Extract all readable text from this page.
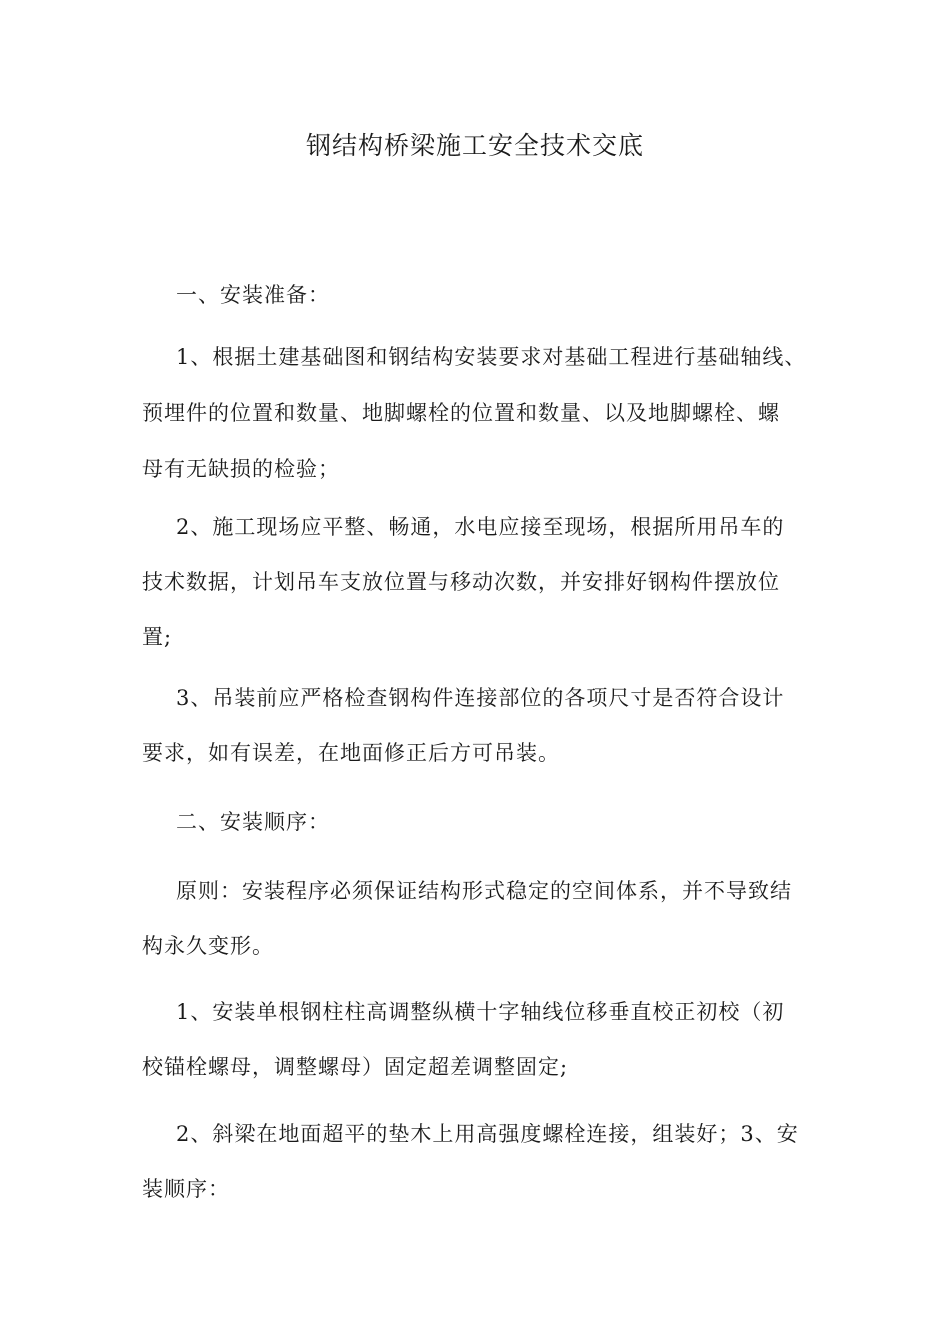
钢结构桥梁施工安全技术交底

一、安装准备：

1、根据土建基础图和钢结构安装要求对基础工程进行基础轴线、
预埋件的位置和数量、地脚螺栓的位置和数量、以及地脚螺栓、螺
母有无缺损的检验；
2、施工现场应平整、畅通，水电应接至现场，根据所用吊车的
技术数据，计划吊车支放位置与移动次数，并安排好钢构件摆放位
置;
3、吊装前应严格检查钢构件连接部位的各项尺寸是否符合设计
要求，如有误差，在地面修正后方可吊装。

二、安装顺序：

原则：安装程序必须保证结构形式稳定的空间体系，并不导致结
构永久变形。
1、安装单根钢柱柱高调整纵横十字轴线位移垂直校正初校（初
校锚栓螺母，调整螺母）固定超差调整固定;
2、斜梁在地面超平的垫木上用高强度螺栓连接，组装好；3、安
装顺序：
